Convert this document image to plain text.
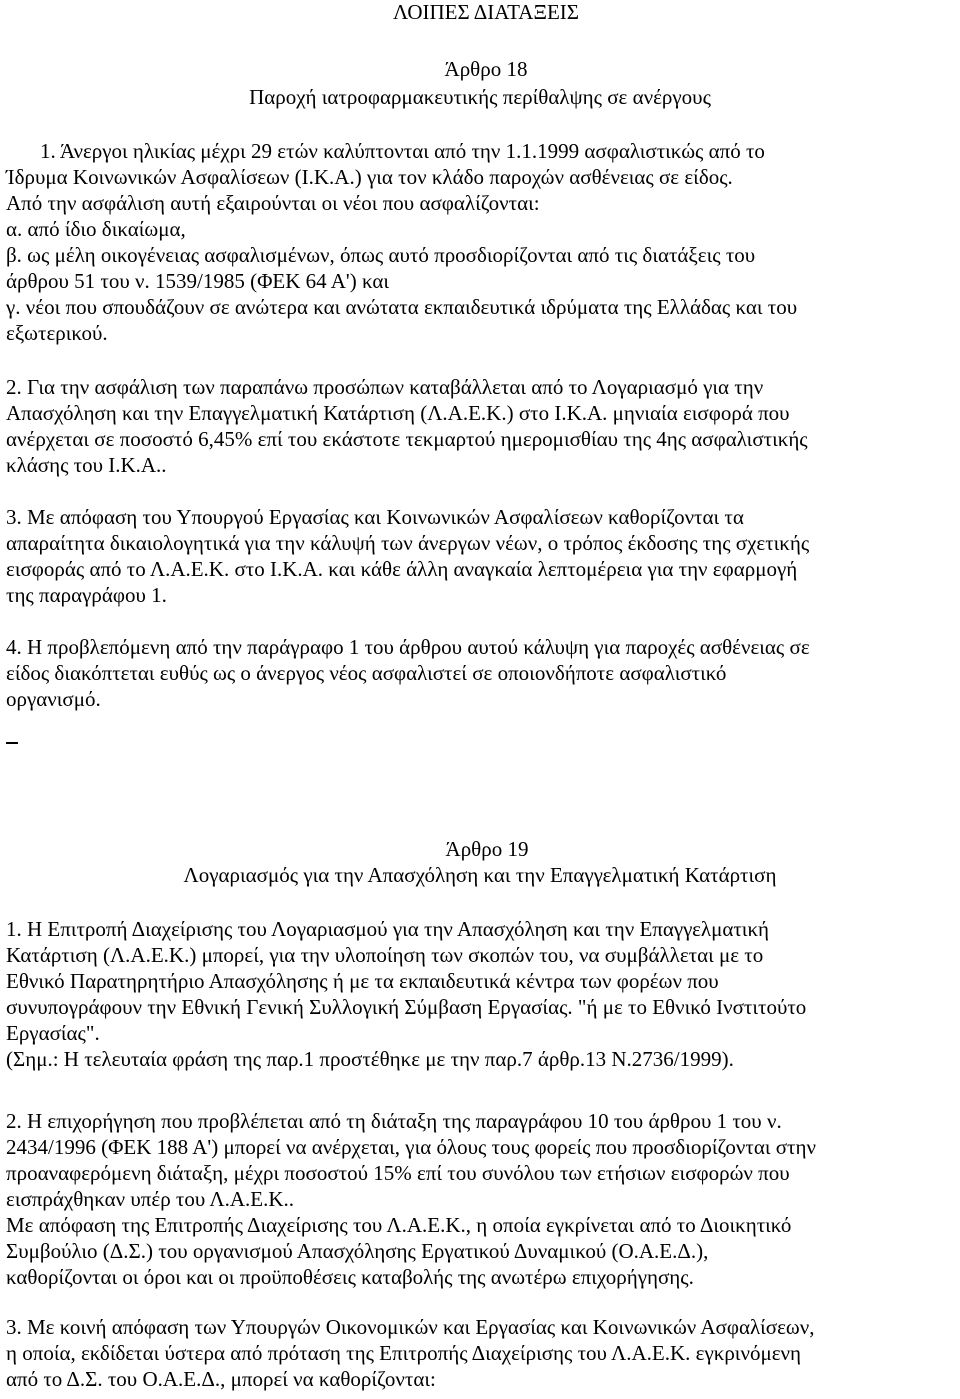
ΛΟΙΠΕΣ ΔΙΑΤΑΞΕΙΣ
Άρθρο 18
Παροχή ιατροφαρμακευτικής περίθαλψης σε ανέργους
1. Άνεργοι ηλικίας μέχρι 29 ετών καλύπτονται από την 1.1.1999 ασφαλιστικώς από το
Ίδρυμα Κοινωνικών Ασφαλίσεων (Ι.Κ.Α.) για τον κλάδο παροχών ασθένειας σε είδος.
Από την ασφάλιση αυτή εξαιρούνται οι νέοι που ασφαλίζονται:
α. από ίδιο δικαίωμα,
β. ως μέλη οικογένειας ασφαλισμένων, όπως αυτό προσδιορίζονται από τις διατάξεις του
άρθρου 51 του ν. 1539/1985 (ΦΕΚ 64 Α') και
γ. νέοι που σπουδάζουν σε ανώτερα και ανώτατα εκπαιδευτικά ιδρύματα της Ελλάδας και του
εξωτερικού.
2. Για την ασφάλιση των παραπάνω προσώπων καταβάλλεται από το Λογαριασμό για την
Απασχόληση και την Επαγγελματική Κατάρτιση (Λ.Α.Ε.Κ.) στο Ι.Κ.Α. μηνιαία εισφορά που
ανέρχεται σε ποσοστό 6,45% επί του εκάστοτε τεκμαρτού ημερομισθίαυ της 4ης ασφαλιστικής
κλάσης του Ι.Κ.Α..
3. Με απόφαση του Υπουργού Εργασίας και Κοινωνικών Ασφαλίσεων καθορίζονται τα
απαραίτητα δικαιολογητικά για την κάλυψή των άνεργων νέων, ο τρόπος έκδοσης της σχετικής
εισφοράς από το Λ.Α.Ε.Κ. στο Ι.Κ.Α. και κάθε άλλη αναγκαία λεπτομέρεια για την εφαρμογή
της παραγράφου 1.
4. Η προβλεπόμενη από την παράγραφο 1 του άρθρου αυτού κάλυψη για παροχές ασθένειας σε
είδος διακόπτεται ευθύς ως ο άνεργος νέος ασφαλιστεί σε οποιονδήποτε ασφαλιστικό
οργανισμό.
Άρθρο 19
Λογαριασμός για την Απασχόληση και την Επαγγελματική Κατάρτιση
1. Η Επιτροπή Διαχείρισης του Λογαριασμού για την Απασχόληση και την Επαγγελματική
Κατάρτιση (Λ.Α.Ε.Κ.) μπορεί, για την υλοποίηση των σκοπών του, να συμβάλλεται με το
Εθνικό Παρατηρητήριο Απασχόλησης ή με τα εκπαιδευτικά κέντρα των φορέων που
συνυπογράφουν την Εθνική Γενική Συλλογική Σύμβαση Εργασίας. "ή με το Εθνικό Ινστιτούτο
Εργασίας".
(Σημ.: Η τελευταία φράση της παρ.1 προστέθηκε με την παρ.7 άρθρ.13 Ν.2736/1999).
2. Η επιχορήγηση που προβλέπεται από τη διάταξη της παραγράφου 10 του άρθρου 1 του ν.
2434/1996 (ΦΕΚ 188 Α') μπορεί να ανέρχεται, για όλους τους φορείς που προσδιορίζονται στην
προαναφερόμενη διάταξη, μέχρι ποσοστού 15% επί του συνόλου των ετήσιων εισφορών που
εισπράχθηκαν υπέρ του Λ.Α.Ε.Κ..
Με απόφαση της Επιτροπής Διαχείρισης του Λ.Α.Ε.Κ., η οποία εγκρίνεται από το Διοικητικό
Συμβούλιο (Δ.Σ.) του οργανισμού Απασχόλησης Εργατικού Δυναμικού (Ο.Α.Ε.Δ.),
καθορίζονται οι όροι και οι προϋποθέσεις καταβολής της ανωτέρω επιχορήγησης.
3. Με κοινή απόφαση των Υπουργών Οικονομικών και Εργασίας και Κοινωνικών Ασφαλίσεων,
η οποία, εκδίδεται ύστερα από πρόταση της Επιτροπής Διαχείρισης του Λ.Α.Ε.Κ. εγκρινόμενη
από το Δ.Σ. του Ο.Α.Ε.Δ., μπορεί να καθορίζονται:
